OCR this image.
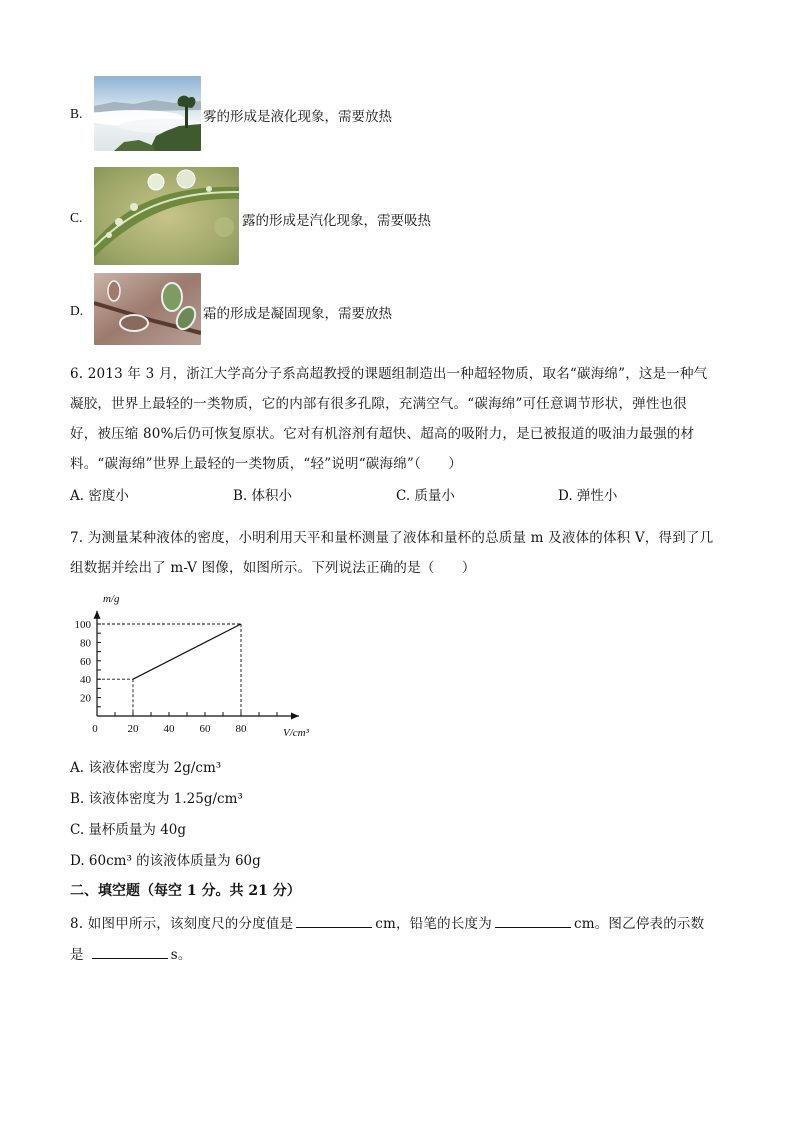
B.	雾的形成是液化现象，需要放热
C.	露的形成是汽化现象，需要吸热
D.	霜的形成是凝固现象，需要放热
6. 2013 年 3 月，浙江大学高分子系高超教授的课题组制造出一种超轻物质，取名“碳海绵”，这是一种气
凝胶，世界上最轻的一类物质，它的内部有很多孔隙，充满空气。“碳海绵”可任意调节形状，弹性也很
好，被压缩 80%后仍可恢复原状。它对有机溶剂有超快、超高的吸附力，是已被报道的吸油力最强的材
料。“碳海绵”世界上最轻的一类物质，“轻”说明“碳海绵”（　　）
A. 密度小	B. 体积小	C. 质量小	D. 弹性小
7. 为测量某种液体的密度，小明利用天平和量杯测量了液体和量杯的总质量 m 及液体的体积 V，得到了几
组数据并绘出了 m-V 图像，如图所示。下列说法正确的是（　　）
0	20 40 60 80
20
40
60
80
100
m/g
V/cm³
A. 该液体密度为 2g/cm³
B. 该液体密度为 1.25g/cm³
C. 量杯质量为 40g
D. 60cm³ 的该液体质量为 60g
二、填空题（每空 1 分。共 21 分）
8. 如图甲所示，该刻度尺的分度值是	cm，铅笔的长度为	cm。图乙停表的示数
是	s。
